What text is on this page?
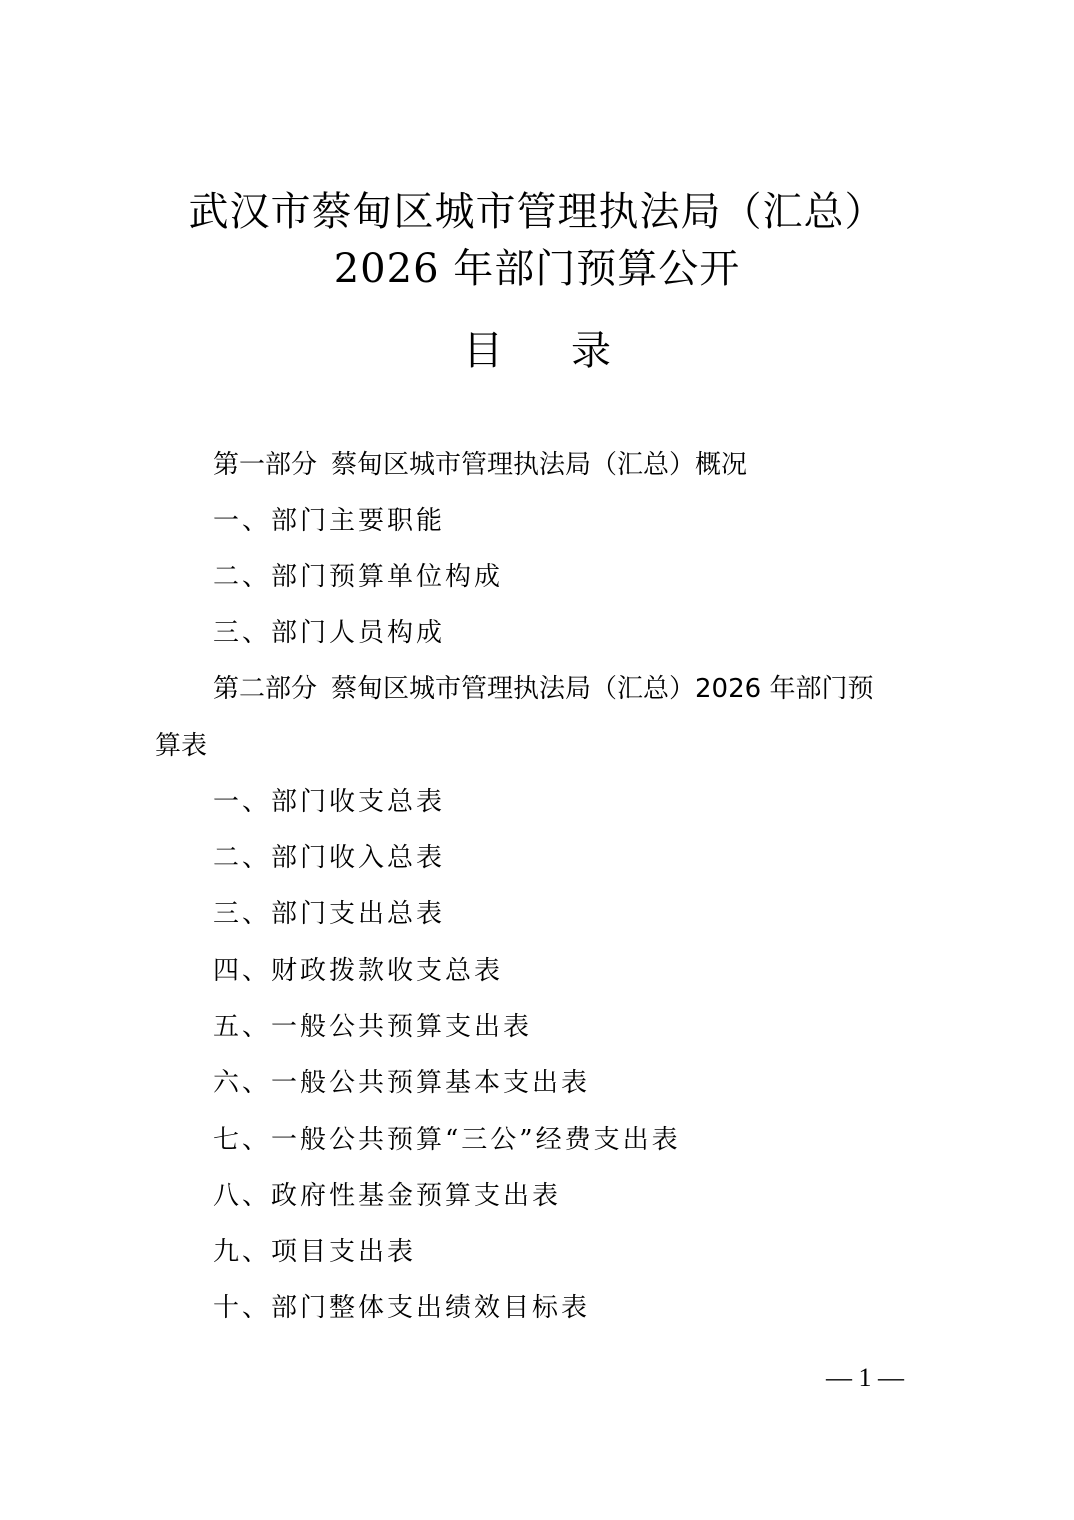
武汉市蔡甸区城市管理执法局（汇总）
2026 年部门预算公开
目录
第一部分 蔡甸区城市管理执法局（汇总）概况
一、部门主要职能
二、部门预算单位构成
三、部门人员构成
第二部分 蔡甸区城市管理执法局（汇总）2026 年部门预
算表
一、部门收支总表
二、部门收入总表
三、部门支出总表
四、财政拨款收支总表
五、一般公共预算支出表
六、一般公共预算基本支出表
七、一般公共预算“三公”经费支出表
八、政府性基金预算支出表
九、项目支出表
十、部门整体支出绩效目标表
— 1 —
